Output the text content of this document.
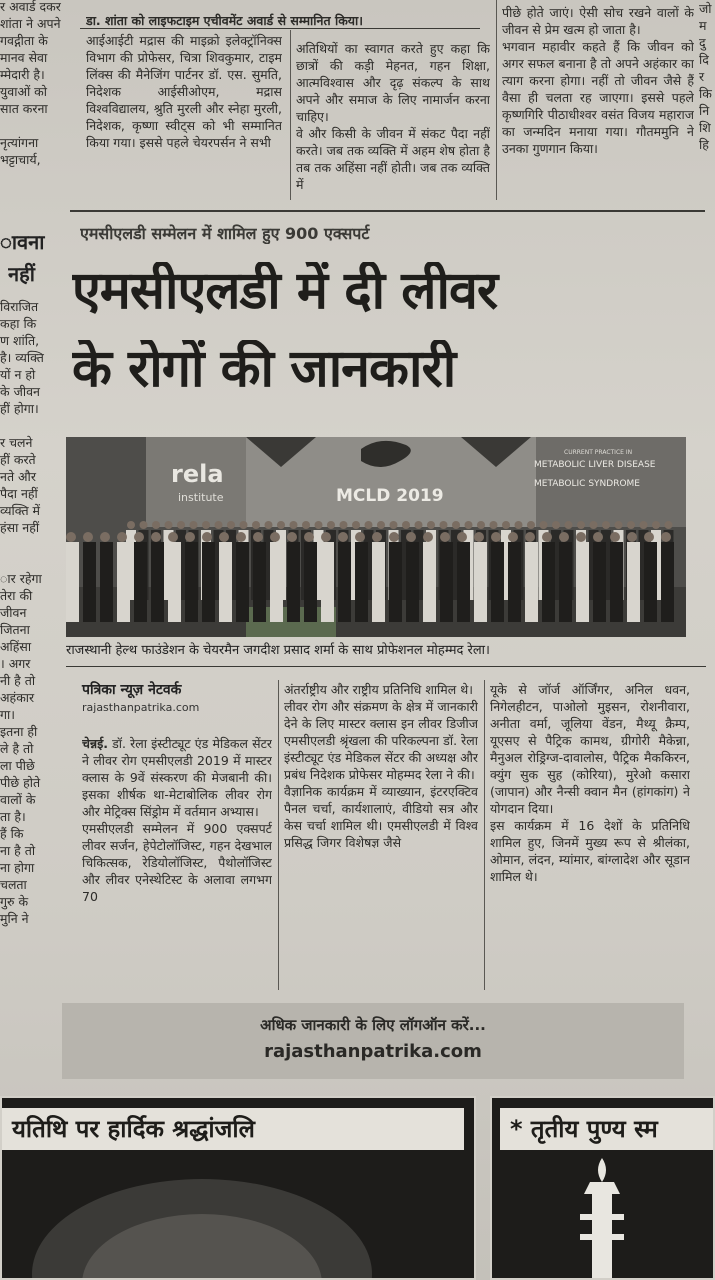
र अवार्ड दकर
शांता ने अपने
गवद्गीता के
मानव सेवा
म्मेदारी है।
युवाओं को
सात करना
नृत्यांगना
भट्टाचार्य,
डा. शांता को लाइफटाइम एचीवमेंट अवार्ड से सम्मानित किया।
आईआईटी मद्रास की माइक्रो इलेक्ट्रॉनिक्स विभाग की प्रोफेसर, चित्रा शिवकुमार, टाइम लिंक्स की मैनेजिंग पार्टनर डॉ. एस. सुमति, निदेशक आईसीओएम, मद्रास विश्वविद्यालय, श्रुति मुरली और स्नेहा मुरली, निदेशक, कृष्णा स्वीट्स को भी सम्मानित किया गया। इससे पहले चेयरपर्सन ने सभी
अतिथियों का स्वागत करते हुए कहा कि छात्रों की कड़ी मेहनत, गहन शिक्षा, आत्मविश्वास और दृढ़ संकल्प के साथ अपने और समाज के लिए नामार्जन करना चाहिए।
वे और किसी के जीवन में संकट पैदा नहीं करते। जब तक व्यक्ति में अहम शेष होता है तब तक अहिंसा नहीं होती। जब तक व्यक्ति में
पीछे होते जाएं। ऐसी सोच रखने वालों के जीवन से प्रेम खत्म हो जाता है।
भगवान महावीर कहते हैं कि जीवन को अगर सफल बनाना है तो अपने अहंकार का त्याग करना होगा। नहीं तो जीवन जैसे हैं वैसा ही चलता रह जाएगा। इससे पहले कृष्णगिरि पीठाधीश्वर वसंत विजय महाराज का जन्मदिन मनाया गया। गौतममुनि ने उनका गुणगान किया।
जो
म
दु
दि
र
कि
नि
शि
हि
ावना
नहीं
विराजित
कहा कि
ण शांति,
है। व्यक्ति
यों न हो
के जीवन
हीं होगा।
र चलने
हीं करते
नते और
पैदा नहीं
व्यक्ति में
हंसा नहीं
ार रहेगा
तेरा की
जीवन
जितना
अहिंसा
। अगर
नी है तो
अहंकार
गा।
इतना ही
ले है तो
ला पीछे
पीछे होते
वालों के
ता है।
हैं कि
ना है तो
ना होगा
चलता
गुरु के
मुनि ने
एमसीएलडी सम्मेलन में शामिल हुए 900 एक्सपर्ट
एमसीएलडी में दी लीवर
के रोगों की जानकारी
rela
institute	MCLD 2019
CURRENT PRACTICE IN
METABOLIC LIVER DISEASE
METABOLIC SYNDROME
राजस्थानी हेल्थ फाउंडेशन के चेयरमैन जगदीश प्रसाद शर्मा के साथ प्रोफेशनल मोहम्मद रेला।
पत्रिका न्यूज़ नेटवर्क
rajasthanpatrika.com

चेन्नई. डॉ. रेला इंस्टीट्यूट एंड मेडिकल सेंटर ने लीवर रोग एमसीएलडी 2019 में मास्टर क्लास के 9वें संस्करण की मेजबानी की। इसका शीर्षक था-मेटाबोलिक लीवर रोग और मेट्रिक्स सिंड्रोम में वर्तमान अभ्यास।
एमसीएलडी सम्मेलन में 900 एक्सपर्ट लीवर सर्जन, हेपेटोलॉजिस्ट, गहन देखभाल चिकित्सक, रेडियोलॉजिस्ट, पैथोलॉजिस्ट और लीवर एनेस्थेटिस्ट के अलावा लगभग 70

अंतर्राष्ट्रीय और राष्ट्रीय प्रतिनिधि शामिल थे।
लीवर रोग और संक्रमण के क्षेत्र में जानकारी देने के लिए मास्टर क्लास इन लीवर डिजीज एमसीएलडी श्रृंखला की परिकल्पना डॉ. रेला इंस्टीट्यूट एंड मेडिकल सेंटर की अध्यक्ष और प्रबंध निदेशक प्रोफेसर मोहम्मद रेला ने की।
वैज्ञानिक कार्यक्रम में व्याख्यान, इंटरएक्टिव पैनल चर्चा, कार्यशालाएं, वीडियो सत्र और केस चर्चा शामिल थी। एमसीएलडी में विश्व प्रसिद्ध जिगर विशेषज्ञ जैसे
यूके से जॉर्ज ऑर्जिंगर, अनिल धवन, निगेलहीटन, पाओलो मुइसन, रोशनीवारा, अनीता वर्मा, जूलिया वेंडन, मैथ्यू क्रैम्प, यूएसए से पैट्रिक कामथ, ग्रीगोरी मैकेन्ना, मैनुअल रोड्रिग्ज-दावालोस, पैट्रिक मैककिरन, क्युंग सुक सुह (कोरिया), मुरेओ कसारा (जापान) और नैन्सी क्वान मैन (हांगकांग) ने योगदान दिया।
इस कार्यक्रम में 16 देशों के प्रतिनिधि शामिल हुए, जिनमें मुख्य रूप से श्रीलंका, ओमान, लंदन, म्यांमार, बांग्लादेश और सूडान शामिल थे।
अधिक जानकारी के लिए लॉगऑन करें...
rajasthanpatrika.com
यतिथि पर हार्दिक श्रद्धांजलि	* तृतीय पुण्य स्म
